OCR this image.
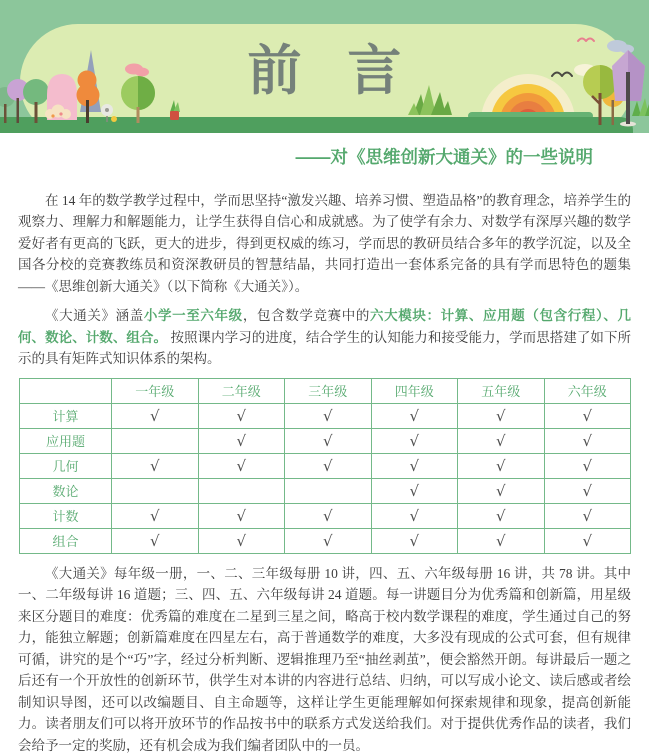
前言
——对《思维创新大通关》的一些说明

在 14 年的数学教学过程中，学而思坚持“激发兴趣、培养习惯、塑造品格”的教育理念，培养学生的观察力、理解力和解题能力，让学生获得自信心和成就感。为了使学有余力、对数学有深厚兴趣的数学爱好者有更高的飞跃，更大的进步，得到更权威的练习，学而思的教研员结合多年的教学沉淀，以及全国各分校的竞赛教练员和资深教研员的智慧结晶，共同打造出一套体系完备的具有学而思特色的题集——《思维创新大通关》（以下简称《大通关》）。

《大通关》涵盖小学一至六年级，包含数学竞赛中的六大模块：计算、应用题（包含行程）、几何、数论、计数、组合。 按照课内学习的进度，结合学生的认知能力和接受能力，学而思搭建了如下所示的具有矩阵式知识体系的架构。

	一年级	二年级	三年级	四年级	五年级	六年级
计算	√	√	√	√	√	√
应用题		√	√	√	√	√
几何	√	√	√	√	√	√
数论				√	√	√
计数	√	√	√	√	√	√
组合	√	√	√	√	√	√

《大通关》每年级一册，一、二、三年级每册 10 讲，四、五、六年级每册 16 讲，共 78 讲。其中一、二年级每讲 16 道题；三、四、五、六年级每讲 24 道题。每一讲题目分为优秀篇和创新篇，用星级来区分题目的难度：优秀篇的难度在二星到三星之间，略高于校内数学课程的难度，学生通过自己的努力，能独立解题；创新篇难度在四星左右，高于普通数学的难度，大多没有现成的公式可套，但有规律可循，讲究的是个“巧”字，经过分析判断、逻辑推理乃至“抽丝剥茧”，便会豁然开朗。每讲最后一题之后还有一个开放性的创新环节，供学生对本讲的内容进行总结、归纳，可以写成小论文、读后感或者绘制知识导图，还可以改编题目、自主命题等，这样让学生更能理解如何探索规律和现象，提高创新能力。读者朋友们可以将开放环节的作品按书中的联系方式发送给我们。对于提供优秀作品的读者，我们会给予一定的奖励，还有机会成为我们编者团队中的一员。
